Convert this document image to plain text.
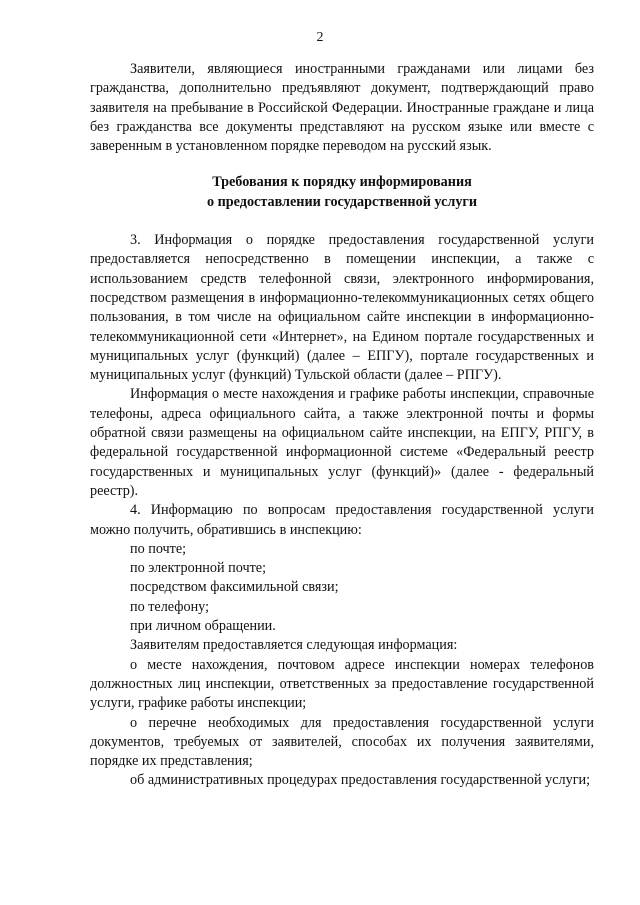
2

Заявители, являющиеся иностранными гражданами или лицами без гражданства, дополнительно предъявляют документ, подтверждающий право заявителя на пребывание в Российской Федерации. Иностранные граждане и лица без гражданства все документы представляют на русском языке или вместе с заверенным в установленном порядке переводом на русский язык.

Требования к порядку информирования
о предоставлении государственной услуги

3. Информация о порядке предоставления государственной услуги предоставляется непосредственно в помещении инспекции, а также с использованием средств телефонной связи, электронного информирования, посредством размещения в информационно-телекоммуникационных сетях общего пользования, в том числе на официальном сайте инспекции в информационно-телекоммуникационной сети «Интернет», на Едином портале государственных и муниципальных услуг (функций) (далее – ЕПГУ), портале государственных и муниципальных услуг (функций) Тульской области (далее – РПГУ).

Информация о месте нахождения и графике работы инспекции, справочные телефоны, адреса официального сайта, а также электронной почты и формы обратной связи размещены на официальном сайте инспекции, на ЕПГУ, РПГУ, в федеральной государственной информационной системе «Федеральный реестр государственных и муниципальных услуг (функций)» (далее - федеральный реестр).

4. Информацию по вопросам предоставления государственной услуги можно получить, обратившись в инспекцию:

по почте;

по электронной почте;

посредством факсимильной связи;

по телефону;

при личном обращении.

Заявителям предоставляется следующая информация:

о месте нахождения, почтовом адресе инспекции номерах телефонов должностных лиц инспекции, ответственных за предоставление государственной услуги, графике работы инспекции;

о перечне необходимых для предоставления государственной услуги документов, требуемых от заявителей, способах их получения заявителями, порядке их представления;

об административных процедурах предоставления государственной услуги;
